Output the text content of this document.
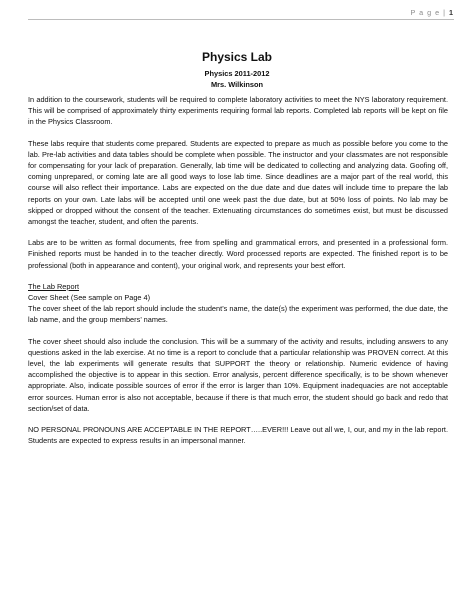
P a g e | 1
Physics Lab
Physics 2011-2012
Mrs. Wilkinson

In addition to the coursework, students will be required to complete laboratory activities to meet the NYS laboratory requirement. This will be comprised of approximately thirty experiments requiring formal lab reports. Completed lab reports will be kept on file in the Physics Classroom.

These labs require that students come prepared. Students are expected to prepare as much as possible before you come to the lab. Pre-lab activities and data tables should be complete when possible. The instructor and your classmates are not responsible for compensating for your lack of preparation. Generally, lab time will be dedicated to collecting and analyzing data. Goofing off, coming unprepared, or coming late are all good ways to lose lab time. Since deadlines are a major part of the real world, this course will also reflect their importance. Labs are expected on the due date and due dates will include time to prepare the lab reports on your own. Late labs will be accepted until one week past the due date, but at 50% loss of points. No lab may be skipped or dropped without the consent of the teacher. Extenuating circumstances do sometimes exist, but must be discussed amongst the teacher, student, and often the parents.

Labs are to be written as formal documents, free from spelling and grammatical errors, and presented in a professional form. Finished reports must be handed in to the teacher directly. Word processed reports are expected. The finished report is to be professional (both in appearance and content), your original work, and represents your best effort.

The Lab Report
Cover Sheet (See sample on Page 4)

The cover sheet of the lab report should include the student’s name, the date(s) the experiment was performed, the due date, the lab name, and the group members’ names.

The cover sheet should also include the conclusion. This will be a summary of the activity and results, including answers to any questions asked in the lab exercise. At no time is a report to conclude that a particular relationship was PROVEN correct. At this level, the lab experiments will generate results that SUPPORT the theory or relationship. Numeric evidence of having accomplished the objective is to appear in this section. Error analysis, percent difference specifically, is to be shown whenever appropriate. Also, indicate possible sources of error if the error is larger than 10%. Equipment inadequacies are not acceptable error sources. Human error is also not acceptable, because if there is that much error, the student should go back and redo that section/set of data.

NO PERSONAL PRONOUNS ARE ACCEPTABLE IN THE REPORT…..EVER!!! Leave out all we, I, our, and my in the lab report. Students are expected to express results in an impersonal manner.
